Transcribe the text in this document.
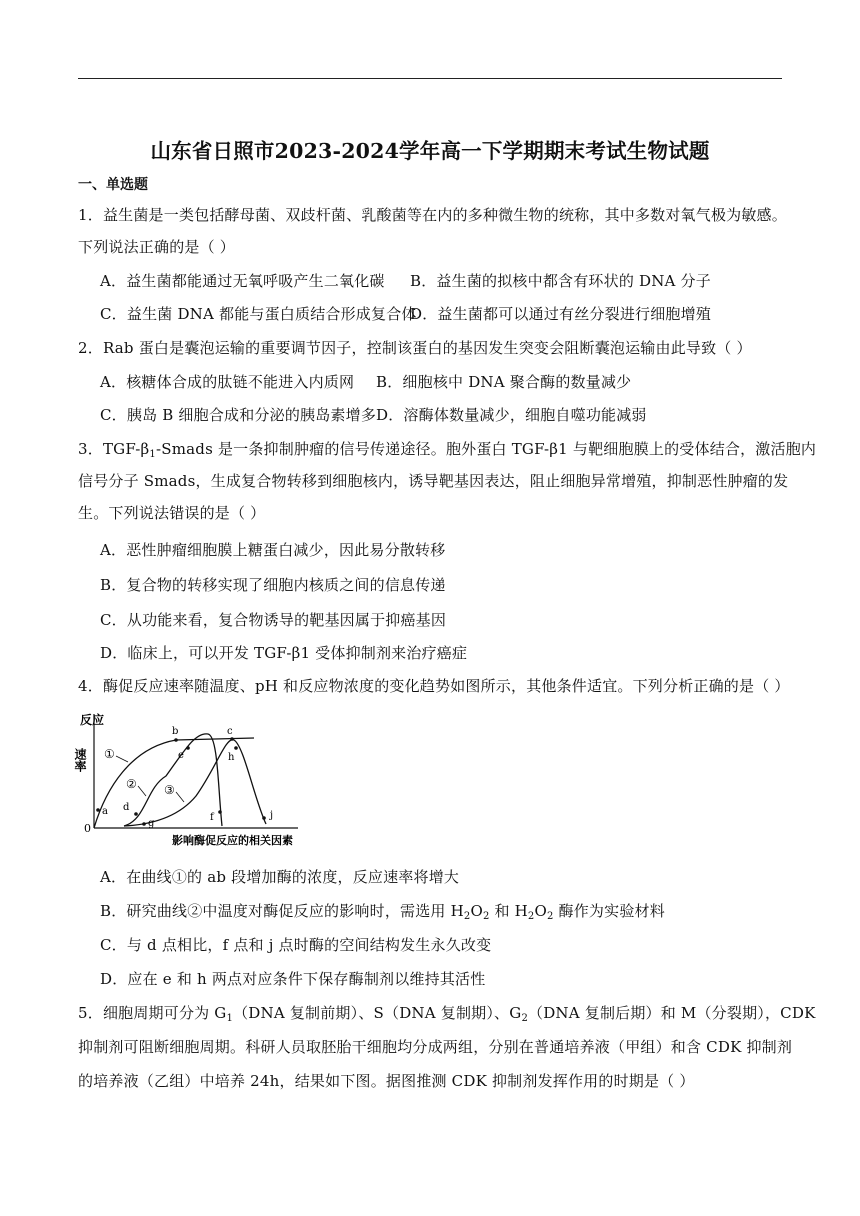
山东省日照市2023-2024学年高一下学期期末考试生物试题
一、单选题
1．益生菌是一类包括酵母菌、双歧杆菌、乳酸菌等在内的多种微生物的统称，其中多数对氧气极为敏感。
下列说法正确的是（ ）
A．益生菌都能通过无氧呼吸产生二氧化碳 B．益生菌的拟核中都含有环状的 DNA 分子
C．益生菌 DNA 都能与蛋白质结合形成复合体
D．益生菌都可以通过有丝分裂进行细胞增殖
2．Rab 蛋白是囊泡运输的重要调节因子，控制该蛋白的基因发生突变会阻断囊泡运输由此导致（ ）
A．核糖体合成的肽链不能进入内质网 B．细胞核中 DNA 聚合酶的数量减少
C．胰岛 B 细胞合成和分泌的胰岛素增多 D．溶酶体数量减少，细胞自噬功能减弱
3．TGF-$\beta_1$-Smads 是一条抑制肿瘤的信号传递途径。胞外蛋白 TGF-β1 与靶细胞膜上的受体结合，激活胞内
信号分子 Smads，生成复合物转移到细胞核内，诱导靶基因表达，阻止细胞异常增殖，抑制恶性肿瘤的发
生。下列说法错误的是（ ）
A．恶性肿瘤细胞膜上糖蛋白减少，因此易分散转移
B．复合物的转移实现了细胞内核质之间的信息传递
C．从功能来看，复合物诱导的靶基因属于抑癌基因
D．临床上，可以开发 TGF-β1 受体抑制剂来治疗癌症
4．酶促反应速率随温度、pH 和反应物浓度的变化趋势如图所示，其他条件适宜。下列分析正确的是（ ）
反应
速率
0
影响酶促反应的相关因素
①
② ③
a
b	c
d
e
f
g
h
j
A．在曲线①的 ab 段增加酶的浓度，反应速率将增大
B．研究曲线②中温度对酶促反应的影响时，需选用 $H_2O_2$ 和 $H_2O_2$ 酶作为实验材料
C．与 d 点相比，f 点和 j 点时酶的空间结构发生永久改变
D．应在 e 和 h 两点对应条件下保存酶制剂以维持其活性
5．细胞周期可分为 $G_1(DNA$ 复制前期）、S（DNA 复制期）、$G_2(DNA$ 复制后期）和 M（分裂期），CDK
抑制剂可阻断细胞周期。科研人员取胚胎干细胞均分成两组，分别在普通培养液（甲组）和含 CDK 抑制剂
的培养液（乙组）中培养 24h，结果如下图。据图推测 CDK 抑制剂发挥作用的时期是（ ）
